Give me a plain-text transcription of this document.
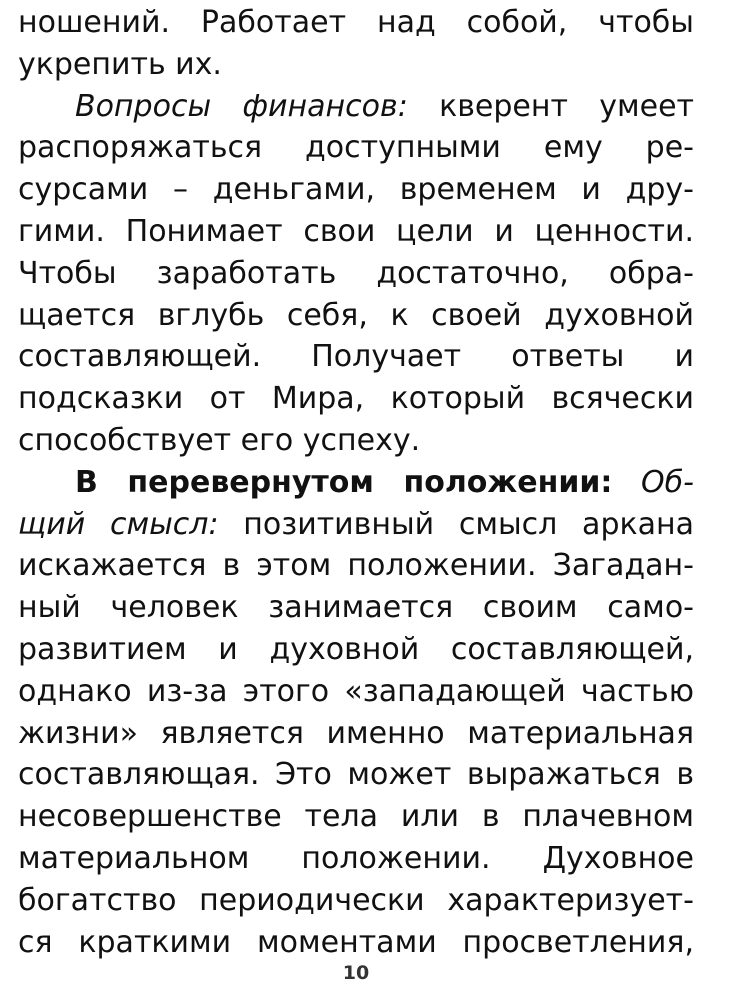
ношений. Работает над собой, чтобы
укрепить их.
Вопросы финансов: кверент умеет
распоряжаться доступными ему ре-
сурсами – деньгами, временем и дру-
гими. Понимает свои цели и ценности.
Чтобы заработать достаточно, обра-
щается вглубь себя, к своей духовной
составляющей. Получает ответы и
подсказки от Мира, который всячески
способствует его успеху.
В перевернутом положении: Об-
щий смысл: позитивный смысл аркана
искажается в этом положении. Загадан-
ный человек занимается своим само-
развитием и духовной составляющей,
однако из-за этого «западающей частью
жизни» является именно материальная
составляющая. Это может выражаться в
несовершенстве тела или в плачевном
материальном положении. Духовное
богатство периодически характеризует-
ся краткими моментами просветления,
10
